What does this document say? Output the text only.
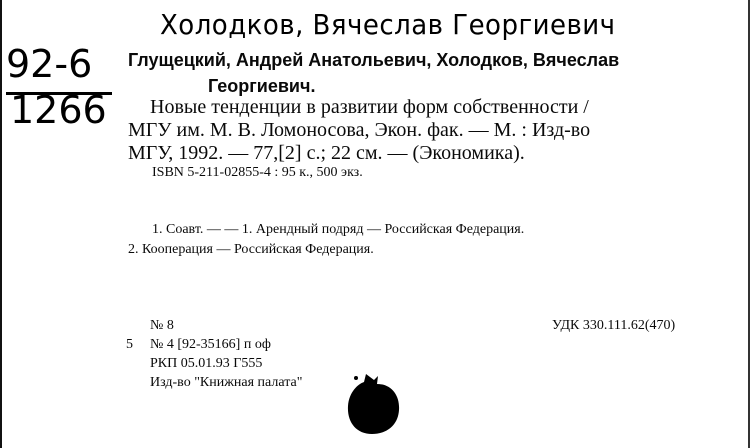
Холодков, Вячеслав Георгиевич
92-6
1266
Глущецкий, Андрей Анатольевич, Холодков, Вячеслав
Георгиевич.
Новые тенденции в развитии форм собственности /
МГУ им. М. В. Ломоносова, Экон. фак. — М. : Изд-во
МГУ, 1992. — 77,[2] с.; 22 см. — (Экономика).
ISBN 5-211-02855-4 : 95 к., 500 экз.
1. Соавт. — — 1. Арендный подряд — Российская Федерация.
2. Кооперация — Российская Федерация.
№ 8	УДК 330.111.62(470)
5 № 4 [92-35166] п оф
РКП 05.01.93 Г555
Изд-во "Книжная палата"
